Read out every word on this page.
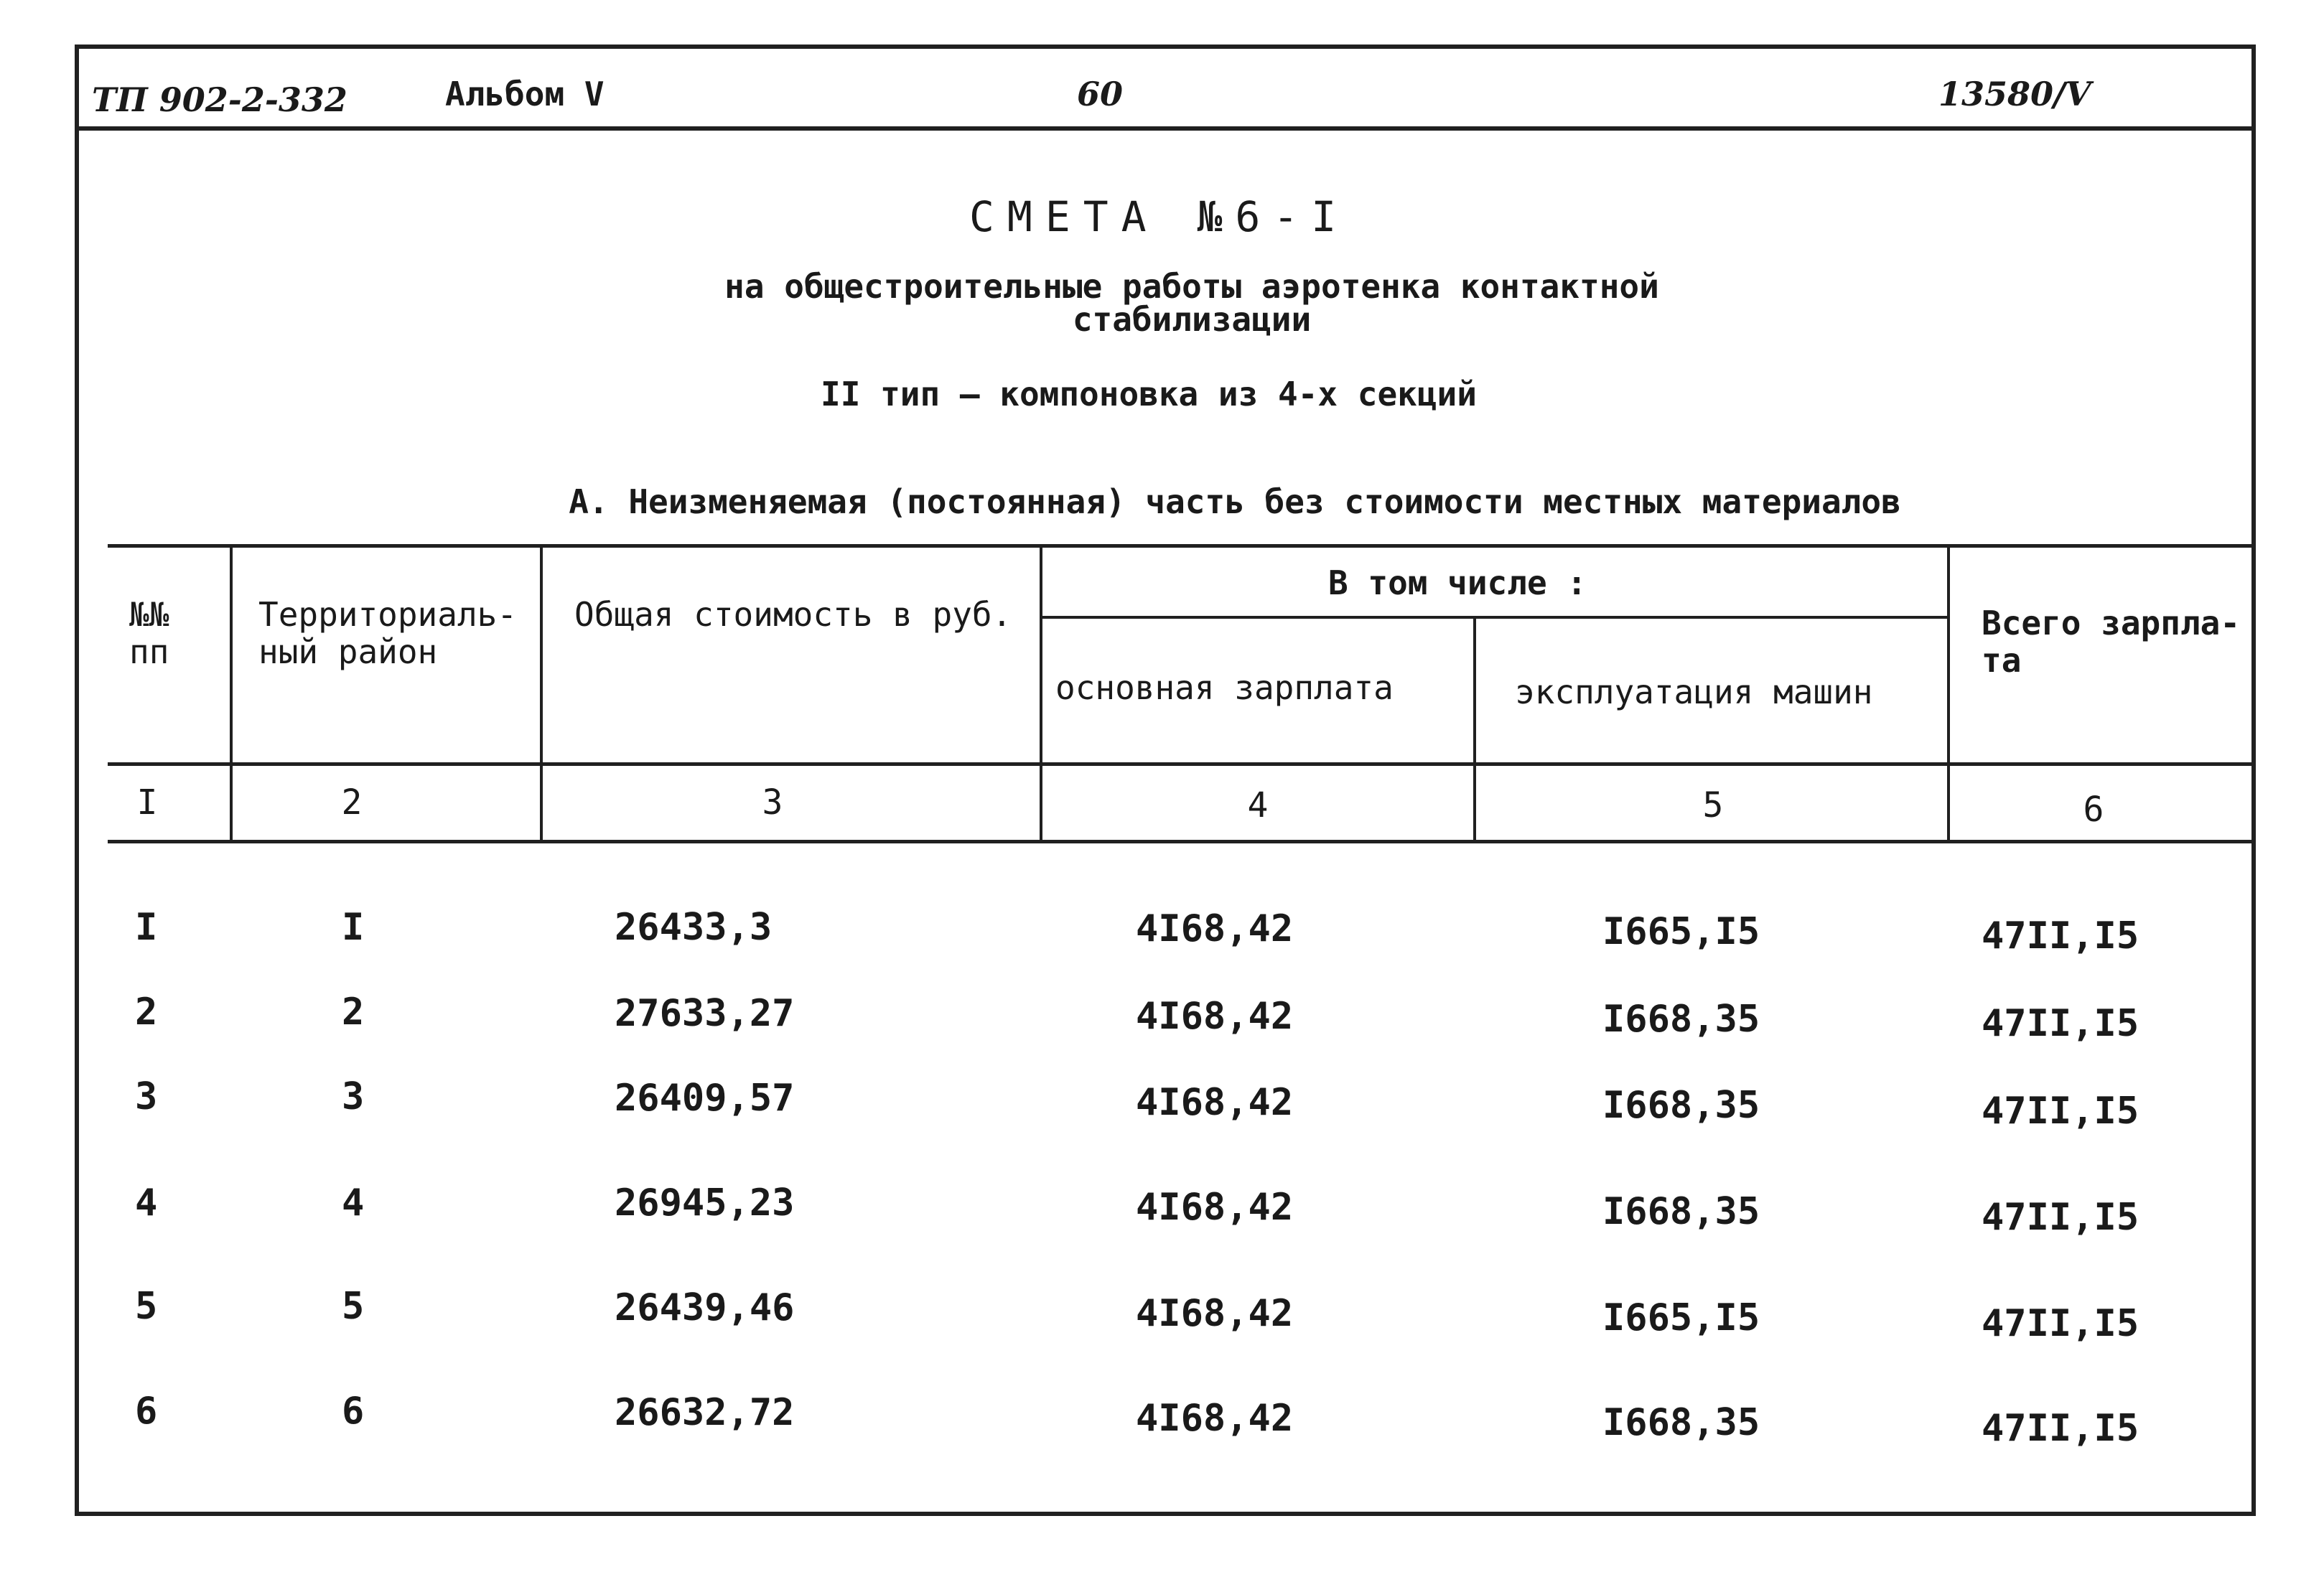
ТП 902-2-332	Альбом V	60	13580/V
СМЕТА №6-I
на общестроительные работы аэротенка контактной
стабилизации
II тип – компоновка из 4-х секций
А. Неизменяемая (постоянная) часть без стоимости местных материалов
№№ пп
Территориаль-ный район
Общая стоимость в руб.
В том числе :
основная зарплата	эксплуатация машин
Всего зарпла-та
I	2	3	4	5	6
I	I	26433,3	4I68,42	I665,I5	47II,I5
2	2	27633,27	4I68,42	I668,35	47II,I5
3	3	26409,57	4I68,42	I668,35	47II,I5
4	4	26945,23	4I68,42	I668,35	47II,I5
5	5	26439,46	4I68,42	I665,I5	47II,I5
6	6	26632,72	4I68,42	I668,35	47II,I5
